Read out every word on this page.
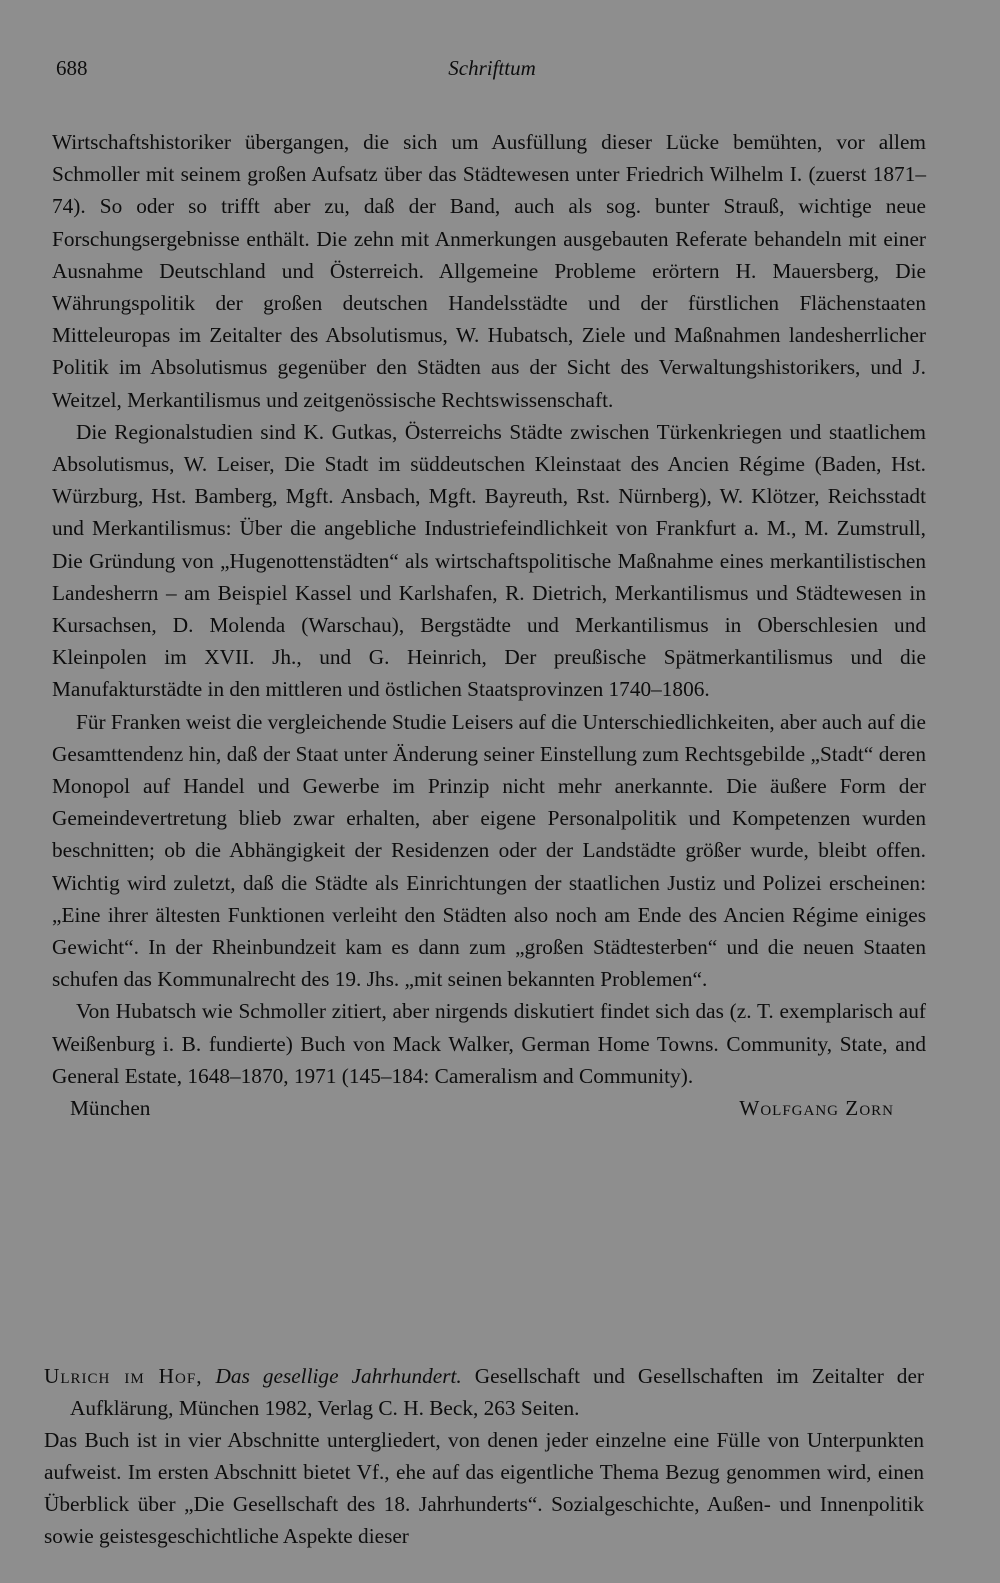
688	Schrifttum

Wirtschaftshistoriker übergangen, die sich um Ausfüllung dieser Lücke bemühten, vor allem Schmoller mit seinem großen Aufsatz über das Städtewesen unter Friedrich Wilhelm I. (zuerst 1871–74). So oder so trifft aber zu, daß der Band, auch als sog. bunter Strauß, wichtige neue Forschungsergebnisse enthält. Die zehn mit Anmerkungen ausgebauten Referate behandeln mit einer Ausnahme Deutschland und Österreich. Allgemeine Probleme erörtern H. Mauersberg, Die Währungspolitik der großen deutschen Handelsstädte und der fürstlichen Flächenstaaten Mitteleuropas im Zeitalter des Absolutismus, W. Hubatsch, Ziele und Maßnahmen landesherrlicher Politik im Absolutismus gegenüber den Städten aus der Sicht des Verwaltungshistorikers, und J. Weitzel, Merkantilismus und zeitgenössische Rechtswissenschaft.

Die Regionalstudien sind K. Gutkas, Österreichs Städte zwischen Türkenkriegen und staatlichem Absolutismus, W. Leiser, Die Stadt im süddeutschen Kleinstaat des Ancien Régime (Baden, Hst. Würzburg, Hst. Bamberg, Mgft. Ansbach, Mgft. Bayreuth, Rst. Nürnberg), W. Klötzer, Reichsstadt und Merkantilismus: Über die angebliche Industriefeindlichkeit von Frankfurt a. M., M. Zumstrull, Die Gründung von „Hugenottenstädten“ als wirtschaftspolitische Maßnahme eines merkantilistischen Landesherrn – am Beispiel Kassel und Karlshafen, R. Dietrich, Merkantilismus und Städtewesen in Kursachsen, D. Molenda (Warschau), Bergstädte und Merkantilismus in Oberschlesien und Kleinpolen im XVII. Jh., und G. Heinrich, Der preußische Spätmerkantilismus und die Manufakturstädte in den mittleren und östlichen Staatsprovinzen 1740–1806.

Für Franken weist die vergleichende Studie Leisers auf die Unterschiedlichkeiten, aber auch auf die Gesamttendenz hin, daß der Staat unter Änderung seiner Einstellung zum Rechtsgebilde „Stadt“ deren Monopol auf Handel und Gewerbe im Prinzip nicht mehr anerkannte. Die äußere Form der Gemeindevertretung blieb zwar erhalten, aber eigene Personalpolitik und Kompetenzen wurden beschnitten; ob die Abhängigkeit der Residenzen oder der Landstädte größer wurde, bleibt offen. Wichtig wird zuletzt, daß die Städte als Einrichtungen der staatlichen Justiz und Polizei erscheinen: „Eine ihrer ältesten Funktionen verleiht den Städten also noch am Ende des Ancien Régime einiges Gewicht“. In der Rheinbundzeit kam es dann zum „großen Städtesterben“ und die neuen Staaten schufen das Kommunalrecht des 19. Jhs. „mit seinen bekannten Problemen“.

Von Hubatsch wie Schmoller zitiert, aber nirgends diskutiert findet sich das (z. T. exemplarisch auf Weißenburg i. B. fundierte) Buch von Mack Walker, German Home Towns. Community, State, and General Estate, 1648–1870, 1971 (145–184: Cameralism and Community).

München	Wolfgang Zorn

Ulrich im Hof, Das gesellige Jahrhundert. Gesellschaft und Gesellschaften im Zeitalter der Aufklärung, München 1982, Verlag C. H. Beck, 263 Seiten.

Das Buch ist in vier Abschnitte untergliedert, von denen jeder einzelne eine Fülle von Unterpunkten aufweist. Im ersten Abschnitt bietet Vf., ehe auf das eigentliche Thema Bezug genommen wird, einen Überblick über „Die Gesellschaft des 18. Jahrhunderts“. Sozialgeschichte, Außen- und Innenpolitik sowie geistesgeschichtliche Aspekte dieser
